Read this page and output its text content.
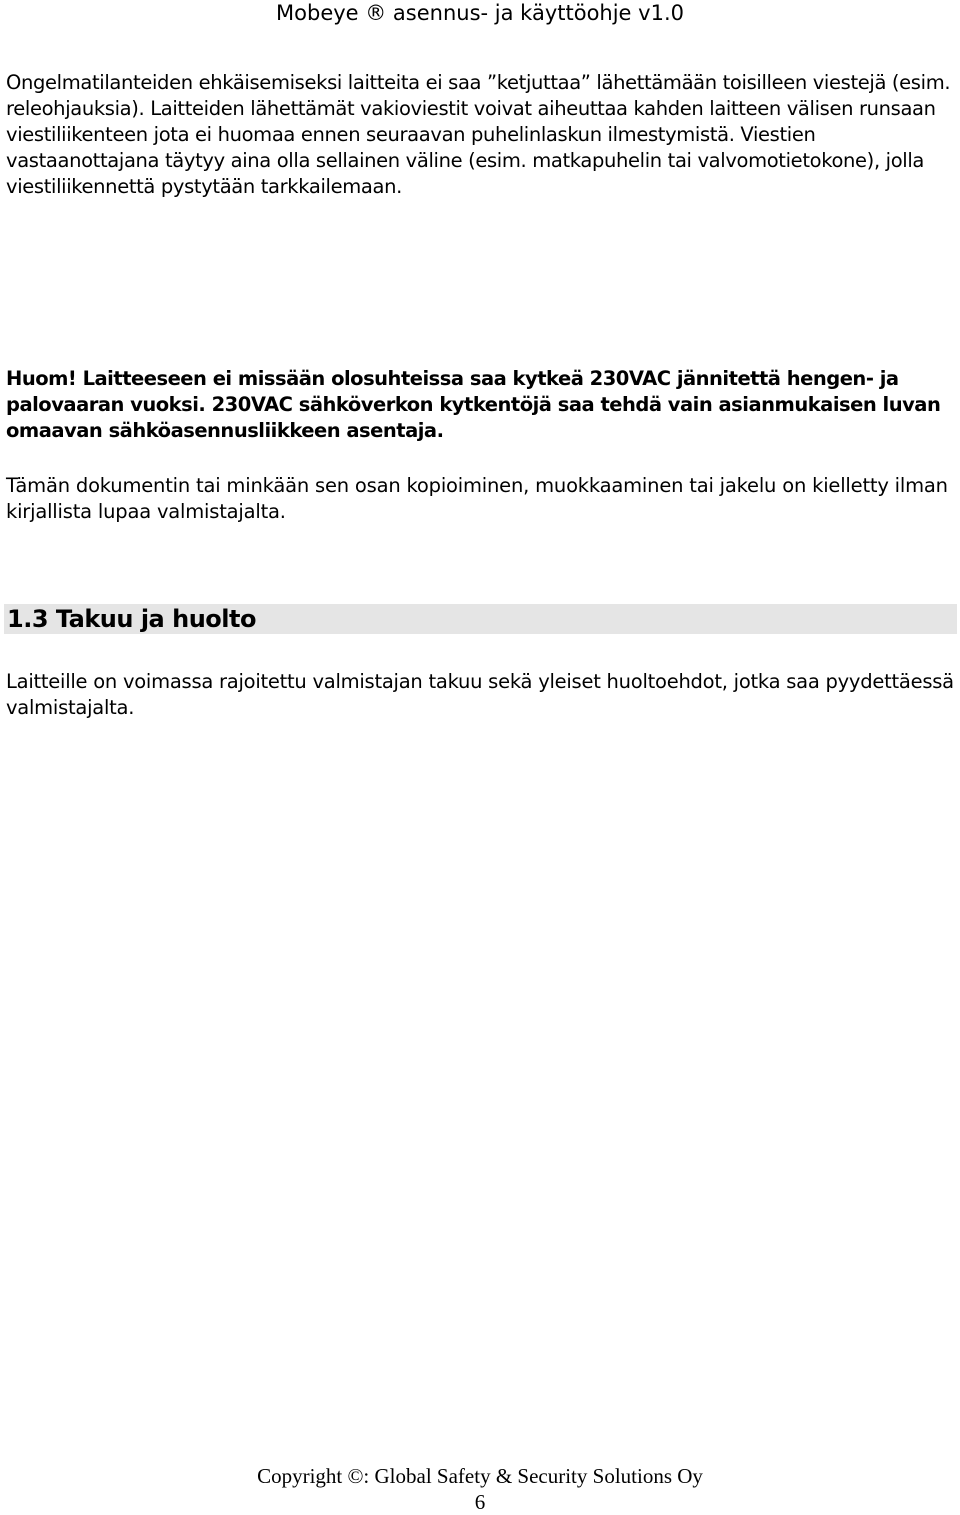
Mobeye ® asennus- ja käyttöohje v1.0

Ongelmatilanteiden ehkäisemiseksi laitteita ei saa ”ketjuttaa” lähettämään toisilleen viestejä (esim. releohjauksia). Laitteiden lähettämät vakioviestit voivat aiheuttaa kahden laitteen välisen runsaan viestiliikenteen jota ei huomaa ennen seuraavan puhelinlaskun ilmestymistä. Viestien vastaanottajana täytyy aina olla sellainen väline (esim. matkapuhelin tai valvomotietokone), jolla viestiliikennettä pystytään tarkkailemaan.

Huom! Laitteeseen ei missään olosuhteissa saa kytkeä 230VAC jännitettä hengen- ja palovaaran vuoksi. 230VAC sähköverkon kytkentöjä saa tehdä vain asianmukaisen luvan omaavan sähköasennusliikkeen asentaja.

Tämän dokumentin tai minkään sen osan kopioiminen, muokkaaminen tai jakelu on kielletty ilman kirjallista lupaa valmistajalta.

1.3 Takuu ja huolto

Laitteille on voimassa rajoitettu valmistajan takuu sekä yleiset huoltoehdot, jotka saa pyydettäessä valmistajalta.

Copyright ©: Global Safety & Security Solutions Oy
6
